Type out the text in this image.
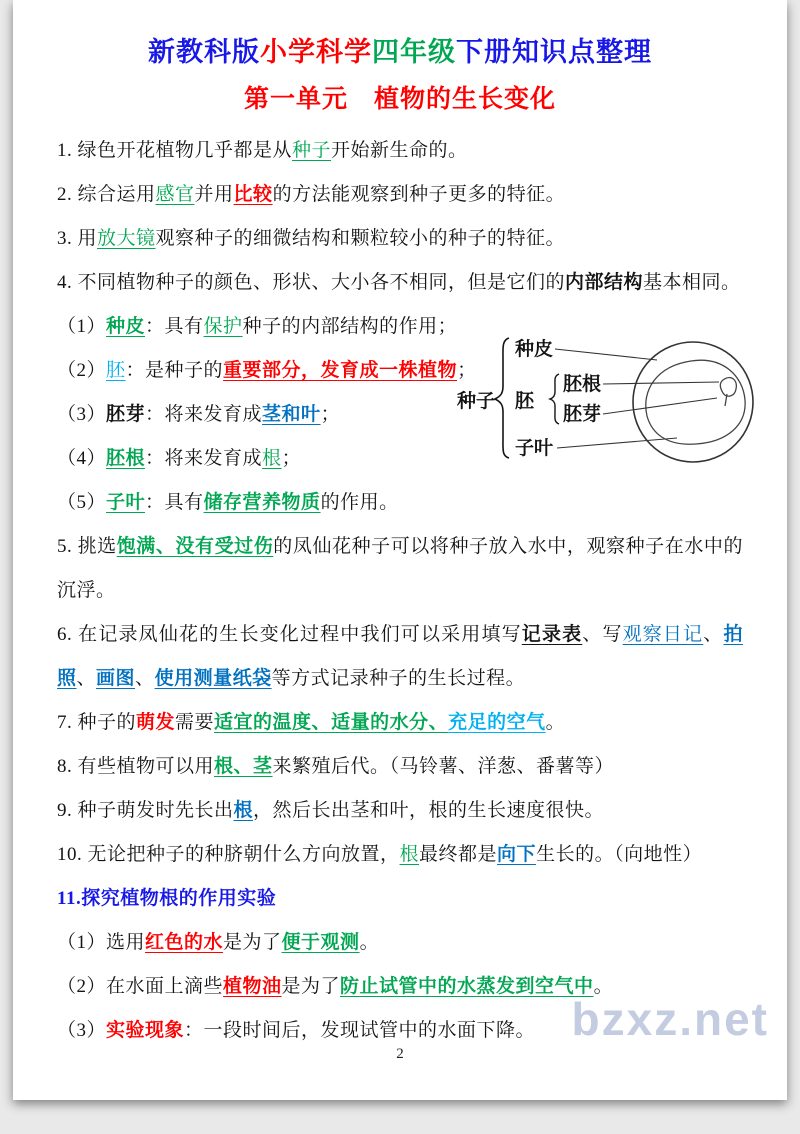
新教科版小学科学四年级下册知识点整理
第一单元　植物的生长变化

1. 绿色开花植物几乎都是从种子开始新生命的。

2. 综合运用感官并用比较的方法能观察到种子更多的特征。

3. 用放大镜观察种子的细微结构和颗粒较小的种子的特征。

4. 不同植物种子的颜色、形状、大小各不相同，但是它们的内部结构基本相同。

（1）种皮：具有保护种子的内部结构的作用；

（2）胚：是种子的重要部分，发育成一株植物；

（3）胚芽：将来发育成茎和叶；

（4）胚根：将来发育成根；

（5）子叶：具有储存营养物质的作用。

5. 挑选饱满、没有受过伤的凤仙花种子可以将种子放入水中，观察种子在水中的沉浮。

6. 在记录凤仙花的生长变化过程中我们可以采用填写记录表、写观察日记、拍照、画图、使用测量纸袋等方式记录种子的生长过程。

7. 种子的萌发需要适宜的温度、适量的水分、充足的空气。

8. 有些植物可以用根、茎来繁殖后代。（马铃薯、洋葱、番薯等）

9. 种子萌发时先长出根，然后长出茎和叶，根的生长速度很快。

10. 无论把种子的种脐朝什么方向放置，根最终都是向下生长的。（向地性）

11.探究植物根的作用实验

（1）选用红色的水是为了便于观测。

（2）在水面上滴些植物油是为了防止试管中的水蒸发到空气中。

（3）实验现象：一段时间后，发现试管中的水面下降。

种子
种皮
胚
子叶
胚根
胚芽
bzxz.net
2
